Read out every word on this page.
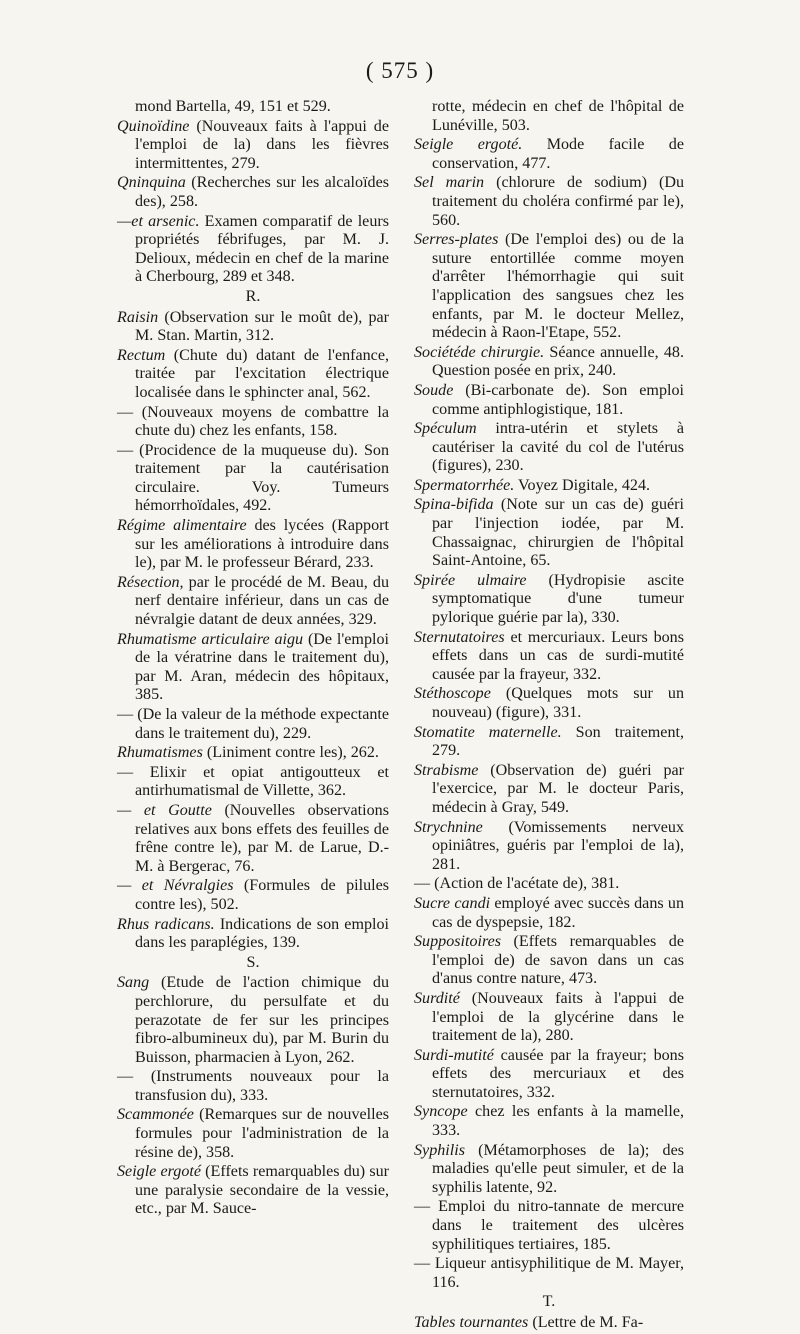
( 575 )
mond Bartella, 49, 151 et 529.
Quinoïdine (Nouveaux faits à l'appui de l'emploi de la) dans les fièvres intermittentes, 279.
Qninquina (Recherches sur les alcaloïdes des), 258.
—et arsenic. Examen comparatif de leurs propriétés fébrifuges, par M. J. Delioux, médecin en chef de la marine à Cherbourg, 289 et 348.
R.
Raisin (Observation sur le moût de), par M. Stan. Martin, 312.
Rectum (Chute du) datant de l'enfance, traitée par l'excitation électrique localisée dans le sphincter anal, 562.
— (Nouveaux moyens de combattre la chute du) chez les enfants, 158.
— (Procidence de la muqueuse du). Son traitement par la cautérisation circulaire. Voy. Tumeurs hémorrhoïdales, 492.
Régime alimentaire des lycées (Rapport sur les améliorations à introduire dans le), par M. le professeur Bérard, 233.
Résection, par le procédé de M. Beau, du nerf dentaire inférieur, dans un cas de névralgie datant de deux années, 329.
Rhumatisme articulaire aigu (De l'emploi de la vératrine dans le traitement du), par M. Aran, médecin des hôpitaux, 385.
— (De la valeur de la méthode expectante dans le traitement du), 229.
Rhumatismes (Liniment contre les), 262.
— Elixir et opiat antigoutteux et antirhumatismal de Villette, 362.
— et Goutte (Nouvelles observations relatives aux bons effets des feuilles de frêne contre le), par M. de Larue, D.-M. à Bergerac, 76.
— et Névralgies (Formules de pilules contre les), 502.
Rhus radicans. Indications de son emploi dans les paraplégies, 139.
S.
Sang (Etude de l'action chimique du perchlorure, du persulfate et du perazotate de fer sur les principes fibro-albumineux du), par M. Burin du Buisson, pharmacien à Lyon, 262.
— (Instruments nouveaux pour la transfusion du), 333.
Scammonée (Remarques sur de nouvelles formules pour l'administration de la résine de), 358.
Seigle ergoté (Effets remarquables du) sur une paralysie secondaire de la vessie, etc., par M. Sauce-
rotte, médecin en chef de l'hôpital de Lunéville, 503.
Seigle ergoté. Mode facile de conservation, 477.
Sel marin (chlorure de sodium) (Du traitement du choléra confirmé par le), 560.
Serres-plates (De l'emploi des) ou de la suture entortillée comme moyen d'arrêter l'hémorrhagie qui suit l'application des sangsues chez les enfants, par M. le docteur Mellez, médecin à Raon-l'Etape, 552.
Sociétéde chirurgie. Séance annuelle, 48. Question posée en prix, 240.
Soude (Bi-carbonate de). Son emploi comme antiphlogistique, 181.
Spéculum intra-utérin et stylets à cautériser la cavité du col de l'utérus (figures), 230.
Spermatorrhée. Voyez Digitale, 424.
Spina-bifida (Note sur un cas de) guéri par l'injection iodée, par M. Chassaignac, chirurgien de l'hôpital Saint-Antoine, 65.
Spirée ulmaire (Hydropisie ascite symptomatique d'une tumeur pylorique guérie par la), 330.
Sternutatoires et mercuriaux. Leurs bons effets dans un cas de surdi-mutité causée par la frayeur, 332.
Stéthoscope (Quelques mots sur un nouveau) (figure), 331.
Stomatite maternelle. Son traitement, 279.
Strabisme (Observation de) guéri par l'exercice, par M. le docteur Paris, médecin à Gray, 549.
Strychnine (Vomissements nerveux opiniâtres, guéris par l'emploi de la), 281.
— (Action de l'acétate de), 381.
Sucre candi employé avec succès dans un cas de dyspepsie, 182.
Suppositoires (Effets remarquables de l'emploi de) de savon dans un cas d'anus contre nature, 473.
Surdité (Nouveaux faits à l'appui de l'emploi de la glycérine dans le traitement de la), 280.
Surdi-mutité causée par la frayeur; bons effets des mercuriaux et des sternutatoires, 332.
Syncope chez les enfants à la mamelle, 333.
Syphilis (Métamorphoses de la); des maladies qu'elle peut simuler, et de la syphilis latente, 92.
— Emploi du nitro-tannate de mercure dans le traitement des ulcères syphilitiques tertiaires, 185.
— Liqueur antisyphilitique de M. Mayer, 116.
T.
Tables tournantes (Lettre de M. Fa-
